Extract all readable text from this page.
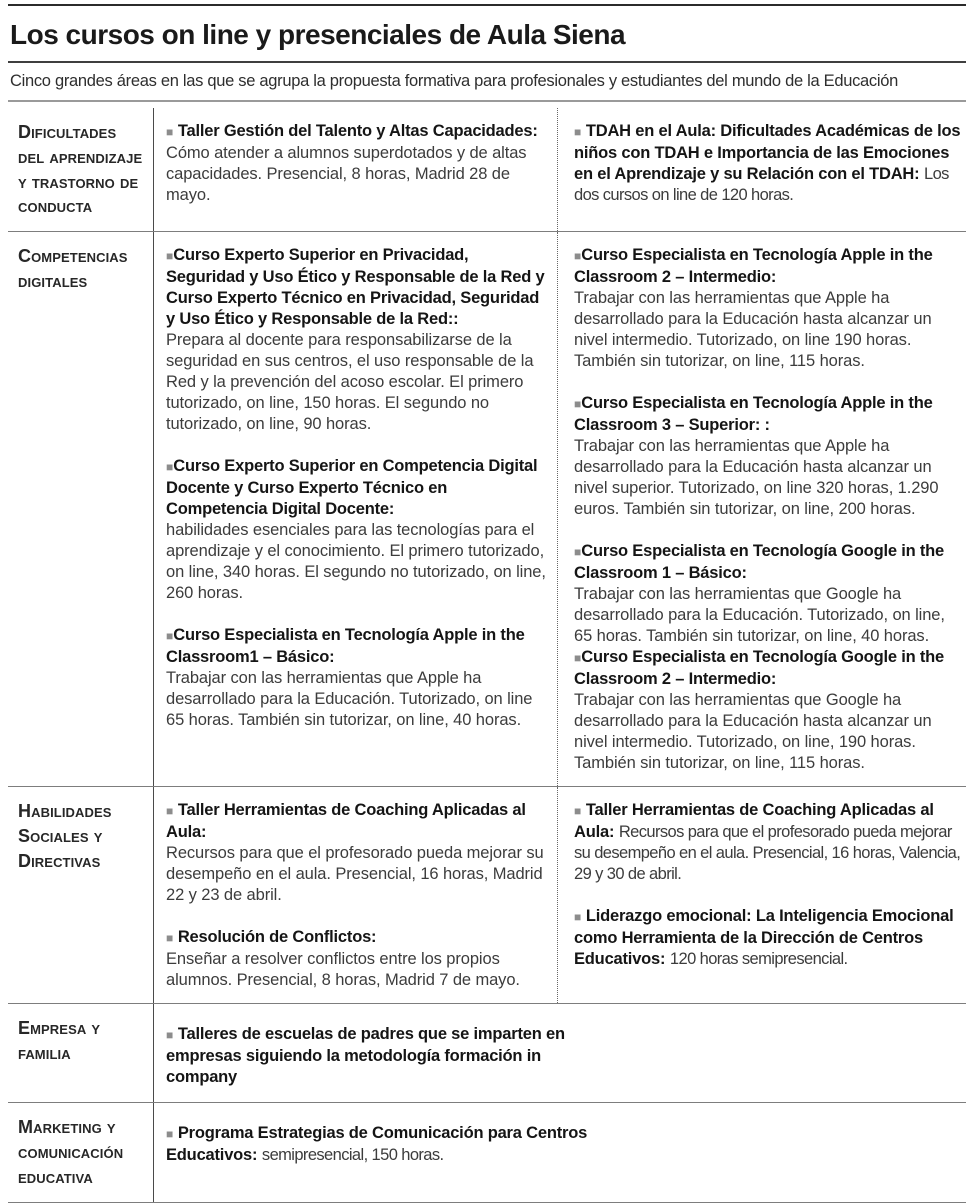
Los cursos on line y presenciales de Aula Siena
Cinco grandes áreas en las que se agrupa la propuesta formativa para profesionales y estudiantes del mundo de la Educación
Dificultades del aprendizaje y trastorno de conducta

■ Taller Gestión del Talento y Altas Capacidades:

Cómo atender a alumnos superdotados y de altas capacidades. Presencial, 8 horas, Madrid 28 de mayo.

■ TDAH en el Aula: Dificultades Académicas de los niños con TDAH e Importancia de las Emociones en el Aprendizaje y su Relación con el TDAH: Los dos cursos on line de 120 horas.

Competencias digitales

■Curso Experto Superior en Privacidad, Seguridad y Uso Ético y Responsable de la Red y Curso Experto Técnico en Privacidad, Seguridad y Uso Ético y Responsable de la Red::

Prepara al docente para responsabilizarse de la seguridad en sus centros, el uso responsable de la Red y la prevención del acoso escolar. El primero tutorizado, on line, 150 horas. El segundo no tutorizado, on line, 90 horas.

■Curso Experto Superior en Competencia Digital Docente y Curso Experto Técnico en Competencia Digital Docente:

habilidades esenciales para las tecnologías para el aprendizaje y el conocimiento. El primero tutorizado, on line, 340 horas. El segundo no tutorizado, on line, 260 horas.

■Curso Especialista en Tecnología Apple in the Classroom1 – Básico:

Trabajar con las herramientas que Apple ha desarrollado para la Educación. Tutorizado, on line 65 horas. También sin tutorizar, on line, 40 horas.

■Curso Especialista en Tecnología Apple in the Classroom 2 – Intermedio:

Trabajar con las herramientas que Apple ha desarrollado para la Educación hasta alcanzar un nivel intermedio. Tutorizado, on line 190 horas. También sin tutorizar, on line, 115 horas.

■Curso Especialista en Tecnología Apple in the Classroom 3 – Superior: :

Trabajar con las herramientas que Apple ha desarrollado para la Educación hasta alcanzar un nivel superior. Tutorizado, on line 320 horas, 1.290 euros. También sin tutorizar, on line, 200 horas.

■Curso Especialista en Tecnología Google in the Classroom 1 – Básico:

Trabajar con las herramientas que Google ha desarrollado para la Educación. Tutorizado, on line, 65 horas. También sin tutorizar, on line, 40 horas.

■Curso Especialista en Tecnología Google in the Classroom 2 – Intermedio:

Trabajar con las herramientas que Google ha desarrollado para la Educación hasta alcanzar un nivel intermedio. Tutorizado, on line, 190 horas. También sin tutorizar, on line, 115 horas.

Habilidades Sociales y Directivas

■ Taller Herramientas de Coaching Aplicadas al Aula:

Recursos para que el profesorado pueda mejorar su desempeño en el aula. Presencial, 16 horas, Madrid 22 y 23 de abril.

■ Resolución de Conflictos:

Enseñar a resolver conflictos entre los propios alumnos. Presencial, 8 horas, Madrid 7 de mayo.

■ Taller Herramientas de Coaching Aplicadas al Aula: Recursos para que el profesorado pueda mejorar su desempeño en el aula. Presencial, 16 horas, Valencia, 29 y 30 de abril.

■ Liderazgo emocional: La Inteligencia Emocional como Herramienta de la Dirección de Centros Educativos: 120 horas semipresencial.

Empresa y familia

■ Talleres de escuelas de padres que se imparten en empresas siguiendo la metodología formación in company

Marketing y comunicación educativa

■ Programa Estrategias de Comunicación para Centros Educativos: semipresencial, 150 horas.
